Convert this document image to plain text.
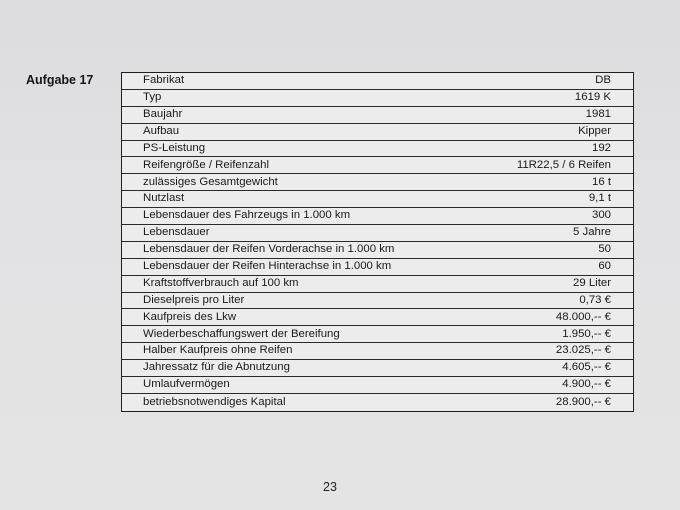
Aufgabe 17	Fabrikat	DB
Typ	1619 K
Baujahr	1981
Aufbau	Kipper
PS-Leistung	192
Reifengröße / Reifenzahl	11R22,5 / 6 Reifen
zulässiges Gesamtgewicht	16 t
Nutzlast	9,1 t
Lebensdauer des Fahrzeugs in 1.000 km	300
Lebensdauer	5 Jahre
Lebensdauer der Reifen Vorderachse in 1.000 km	50
Lebensdauer der Reifen Hinterachse in 1.000 km	60
Kraftstoffverbrauch auf 100 km	29 Liter
Dieselpreis pro Liter	0,73 €
Kaufpreis des Lkw	48.000,-- €
Wiederbeschaffungswert der Bereifung	1.950,-- €
Halber Kaufpreis ohne Reifen	23.025,-- €
Jahressatz für die Abnutzung	4.605,-- €
Umlaufvermögen	4.900,-- €
betriebsnotwendiges Kapital	28.900,-- €
23
